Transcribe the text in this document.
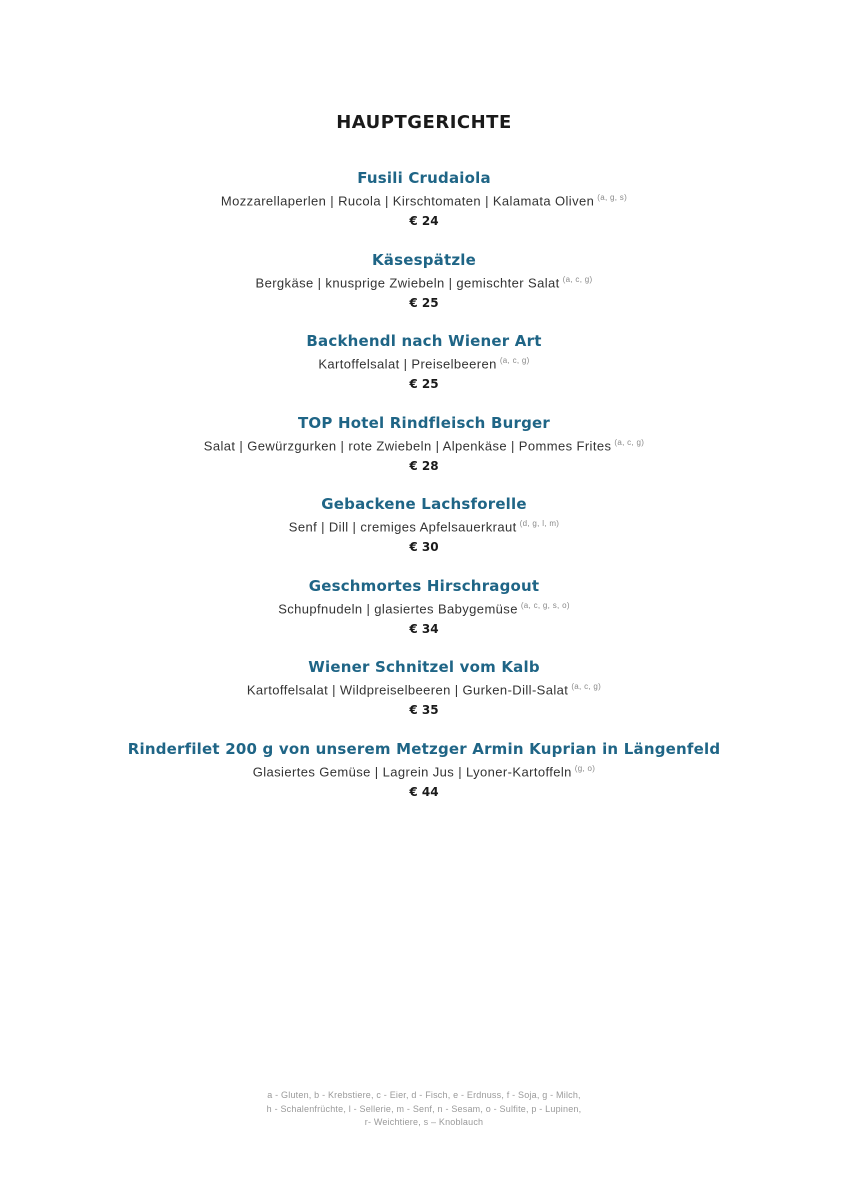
HAUPTGERICHTE
Fusili Crudaiola
Mozzarellaperlen | Rucola | Kirschtomaten | Kalamata Oliven $^{(a, g, s)}$
€ 24
Käsespätzle
Bergkäse | knusprige Zwiebeln | gemischter Salat $^{(a, c, g)}$
€ 25
Backhendl nach Wiener Art
Kartoffelsalat | Preiselbeeren $^{(a, c, g)}$
€ 25
TOP Hotel Rindfleisch Burger
Salat | Gewürzgurken | rote Zwiebeln | Alpenkäse | Pommes Frites $^{(a, c, g)}$
€ 28
Gebackene Lachsforelle
Senf | Dill | cremiges Apfelsauerkraut $^{(d, g, l, m)}$
€ 30
Geschmortes Hirschragout
Schupfnudeln | glasiertes Babygemüse $^{(a, c, g, s, o)}$
€ 34
Wiener Schnitzel vom Kalb
Kartoffelsalat | Wildpreiselbeeren | Gurken-Dill-Salat $^{(a, c, g)}$
€ 35
Rinderfilet 200 g von unserem Metzger Armin Kuprian in Längenfeld
Glasiertes Gemüse | Lagrein Jus | Lyoner-Kartoffeln $^{(g, o)}$
€ 44
a - Gluten, b - Krebstiere, c - Eier, d - Fisch, e - Erdnuss, f - Soja, g - Milch,
h - Schalenfrüchte, l - Sellerie, m - Senf, n - Sesam, o - Sulfite, p - Lupinen,
r- Weichtiere, s – Knoblauch
